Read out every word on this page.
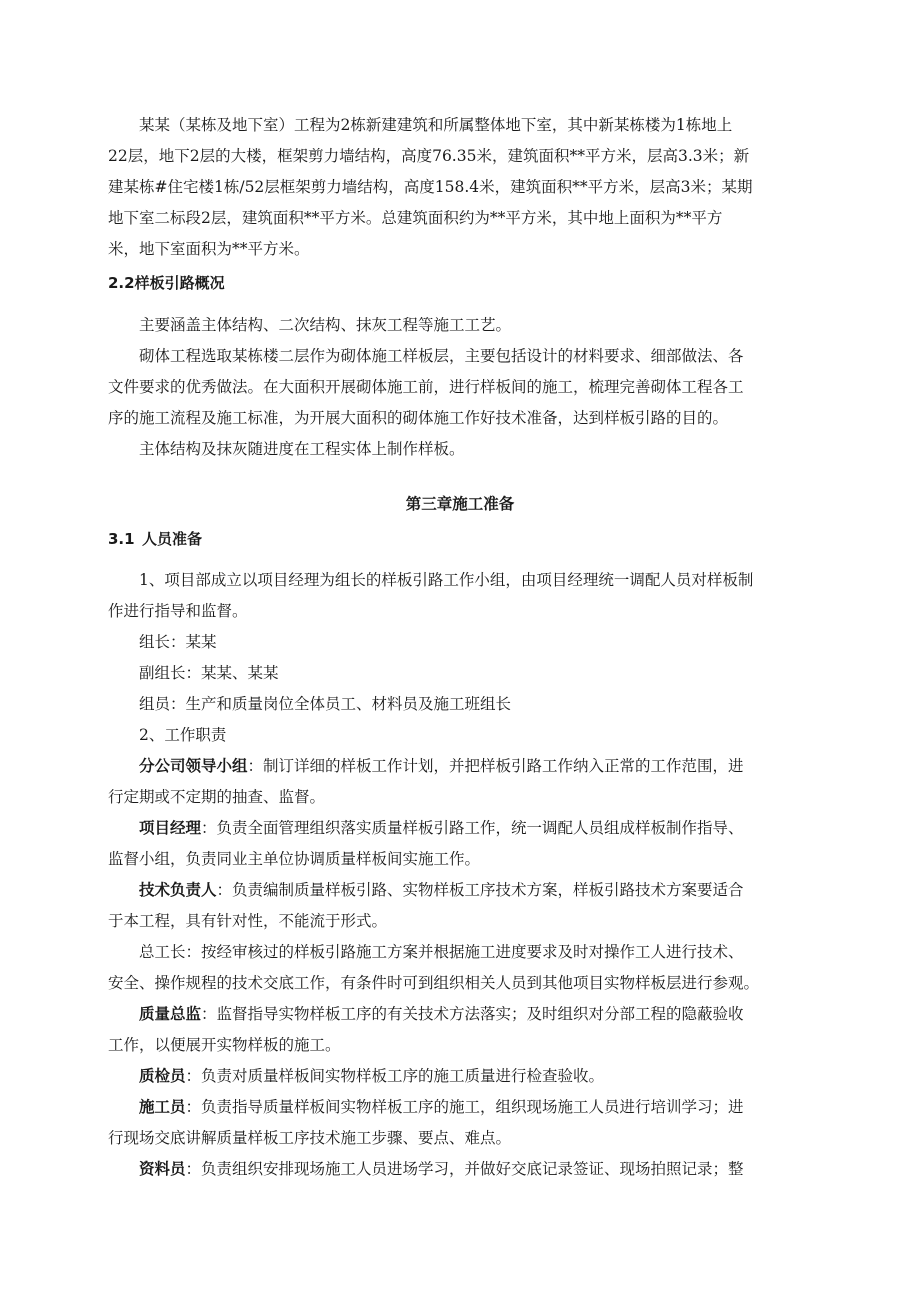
某某（某栋及地下室）工程为2栋新建建筑和所属整体地下室，其中新某栋楼为1栋地上
22层，地下2层的大楼，框架剪力墙结构，高度76.35米，建筑面积**平方米，层高3.3米；新
建某栋#住宅楼1栋/52层框架剪力墙结构，高度158.4米，建筑面积**平方米，层高3米；某期
地下室二标段2层，建筑面积**平方米。总建筑面积约为**平方米，其中地上面积为**平方
米，地下室面积为**平方米。

2.2样板引路概况

主要涵盖主体结构、二次结构、抹灰工程等施工工艺。

砌体工程选取某栋楼二层作为砌体施工样板层，主要包括设计的材料要求、细部做法、各
文件要求的优秀做法。在大面积开展砌体施工前，进行样板间的施工，梳理完善砌体工程各工
序的施工流程及施工标准，为开展大面积的砌体施工作好技术准备，达到样板引路的目的。

主体结构及抹灰随进度在工程实体上制作样板。

第三章施工准备
3.1 人员准备

1、项目部成立以项目经理为组长的样板引路工作小组，由项目经理统一调配人员对样板制
作进行指导和监督。

组长：某某

副组长：某某、某某

组员：生产和质量岗位全体员工、材料员及施工班组长

2、工作职责

分公司领导小组：制订详细的样板工作计划，并把样板引路工作纳入正常的工作范围，进
行定期或不定期的抽查、监督。

项目经理：负责全面管理组织落实质量样板引路工作，统一调配人员组成样板制作指导、
监督小组，负责同业主单位协调质量样板间实施工作。

技术负责人：负责编制质量样板引路、实物样板工序技术方案，样板引路技术方案要适合
于本工程，具有针对性，不能流于形式。

总工长：按经审核过的样板引路施工方案并根据施工进度要求及时对操作工人进行技术、
安全、操作规程的技术交底工作，有条件时可到组织相关人员到其他项目实物样板层进行参观。

质量总监：监督指导实物样板工序的有关技术方法落实；及时组织对分部工程的隐蔽验收
工作，以便展开实物样板的施工。

质检员：负责对质量样板间实物样板工序的施工质量进行检查验收。

施工员：负责指导质量样板间实物样板工序的施工，组织现场施工人员进行培训学习；进
行现场交底讲解质量样板工序技术施工步骤、要点、难点。

资料员：负责组织安排现场施工人员进场学习，并做好交底记录签证、现场拍照记录；整
